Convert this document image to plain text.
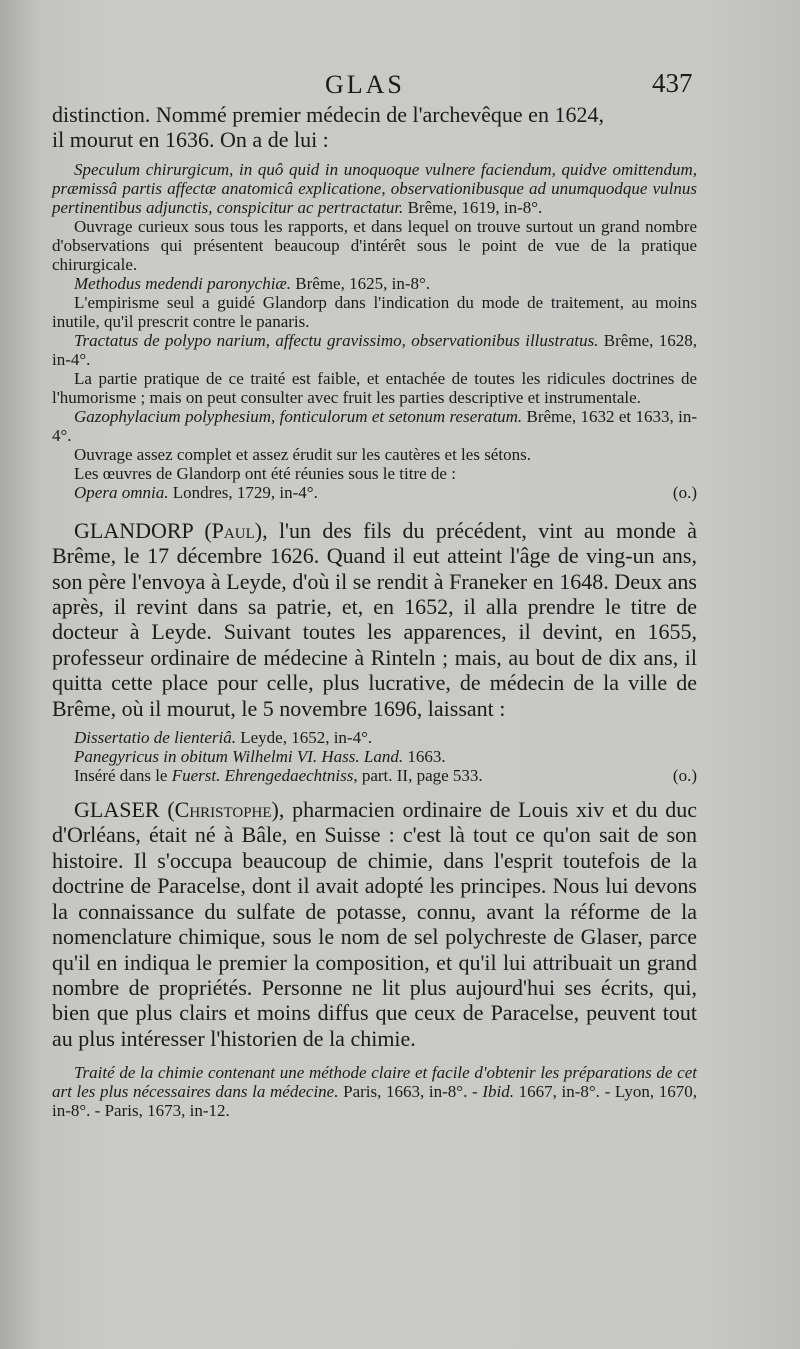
GLAS	437

distinction. Nommé premier médecin de l'archevêque en 1624,

il mourut en 1636. On a de lui :

Speculum chirurgicum, in quô quid in unoquoque vulnere faciendum, quidve omittendum, præmissâ partis affectæ anatomicâ explicatione, observationibusque ad unumquodque vulnus pertinentibus adjunctis, conspicitur ac pertractatur. Brême, 1619, in-8°.

Ouvrage curieux sous tous les rapports, et dans lequel on trouve surtout un grand nombre d'observations qui présentent beaucoup d'intérêt sous le point de vue de la pratique chirurgicale.

Methodus medendi paronychiæ. Brême, 1625, in-8°.

L'empirisme seul a guidé Glandorp dans l'indication du mode de traitement, au moins inutile, qu'il prescrit contre le panaris.

Tractatus de polypo narium, affectu gravissimo, observationibus illustratus. Brême, 1628, in-4°.

La partie pratique de ce traité est faible, et entachée de toutes les ridicules doctrines de l'humorisme ; mais on peut consulter avec fruit les parties descriptive et instrumentale.

Gazophylacium polyphesium, fonticulorum et setonum reseratum. Brême, 1632 et 1633, in-4°.

Ouvrage assez complet et assez érudit sur les cautères et les sétons.

Les œuvres de Glandorp ont été réunies sous le titre de :

Opera omnia. Londres, 1729, in-4°.	(o.)

GLANDORP (Paul), l'un des fils du précédent, vint au monde à Brême, le 17 décembre 1626. Quand il eut atteint l'âge de ving-un ans, son père l'envoya à Leyde, d'où il se rendit à Franeker en 1648. Deux ans après, il revint dans sa patrie, et, en 1652, il alla prendre le titre de docteur à Leyde. Suivant toutes les apparences, il devint, en 1655, professeur ordinaire de médecine à Rinteln ; mais, au bout de dix ans, il quitta cette place pour celle, plus lucrative, de médecin de la ville de Brême, où il mourut, le 5 novembre 1696, laissant :

Dissertatio de lienteriâ. Leyde, 1652, in-4°.

Panegyricus in obitum Wilhelmi VI. Hass. Land. 1663.

Inséré dans le Fuerst. Ehrengedaechtniss, part. II, page 533.	(o.)

GLASER (Christophe), pharmacien ordinaire de Louis xiv et du duc d'Orléans, était né à Bâle, en Suisse : c'est là tout ce qu'on sait de son histoire. Il s'occupa beaucoup de chimie, dans l'esprit toutefois de la doctrine de Paracelse, dont il avait adopté les principes. Nous lui devons la connaissance du sulfate de potasse, connu, avant la réforme de la nomenclature chimique, sous le nom de sel polychreste de Glaser, parce qu'il en indiqua le premier la composition, et qu'il lui attribuait un grand nombre de propriétés. Personne ne lit plus aujourd'hui ses écrits, qui, bien que plus clairs et moins diffus que ceux de Paracelse, peuvent tout au plus intéresser l'historien de la chimie.

Traité de la chimie contenant une méthode claire et facile d'obtenir les préparations de cet art les plus nécessaires dans la médecine. Paris, 1663, in-8°. - Ibid. 1667, in-8°. - Lyon, 1670, in-8°. - Paris, 1673, in-12.
